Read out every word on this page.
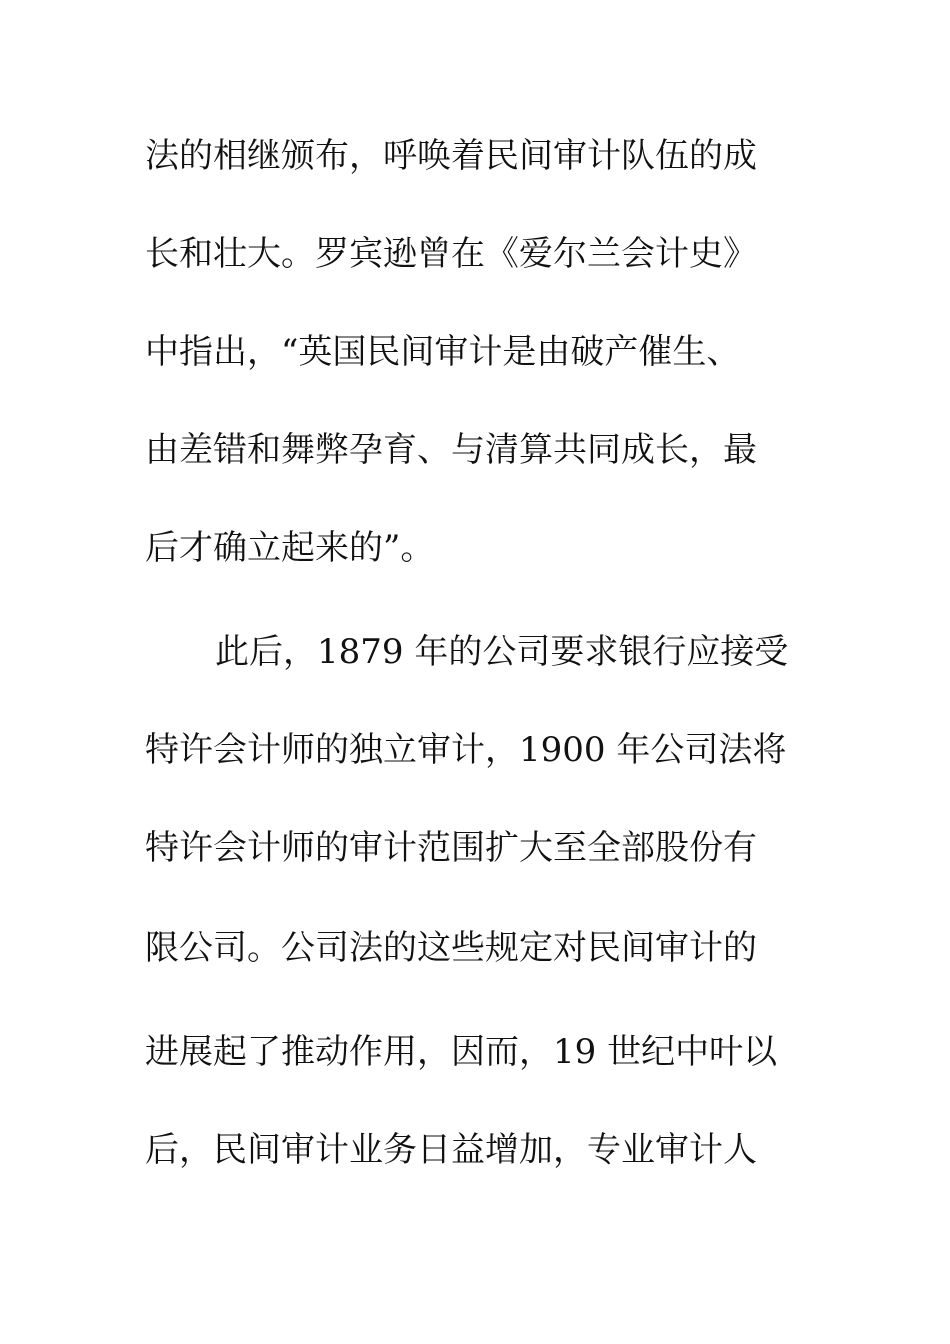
法的相继颁布，呼唤着民间审计队伍的成
长和壮大。罗宾逊曾在《爱尔兰会计史》
中指出，“英国民间审计是由破产催生、
由差错和舞弊孕育、与清算共同成长，最
后才确立起来的”。
此后，1879 年的公司要求银行应接受
特许会计师的独立审计，1900 年公司法将
特许会计师的审计范围扩大至全部股份有
限公司。公司法的这些规定对民间审计的
进展起了推动作用，因而，19 世纪中叶以
后，民间审计业务日益增加，专业审计人
